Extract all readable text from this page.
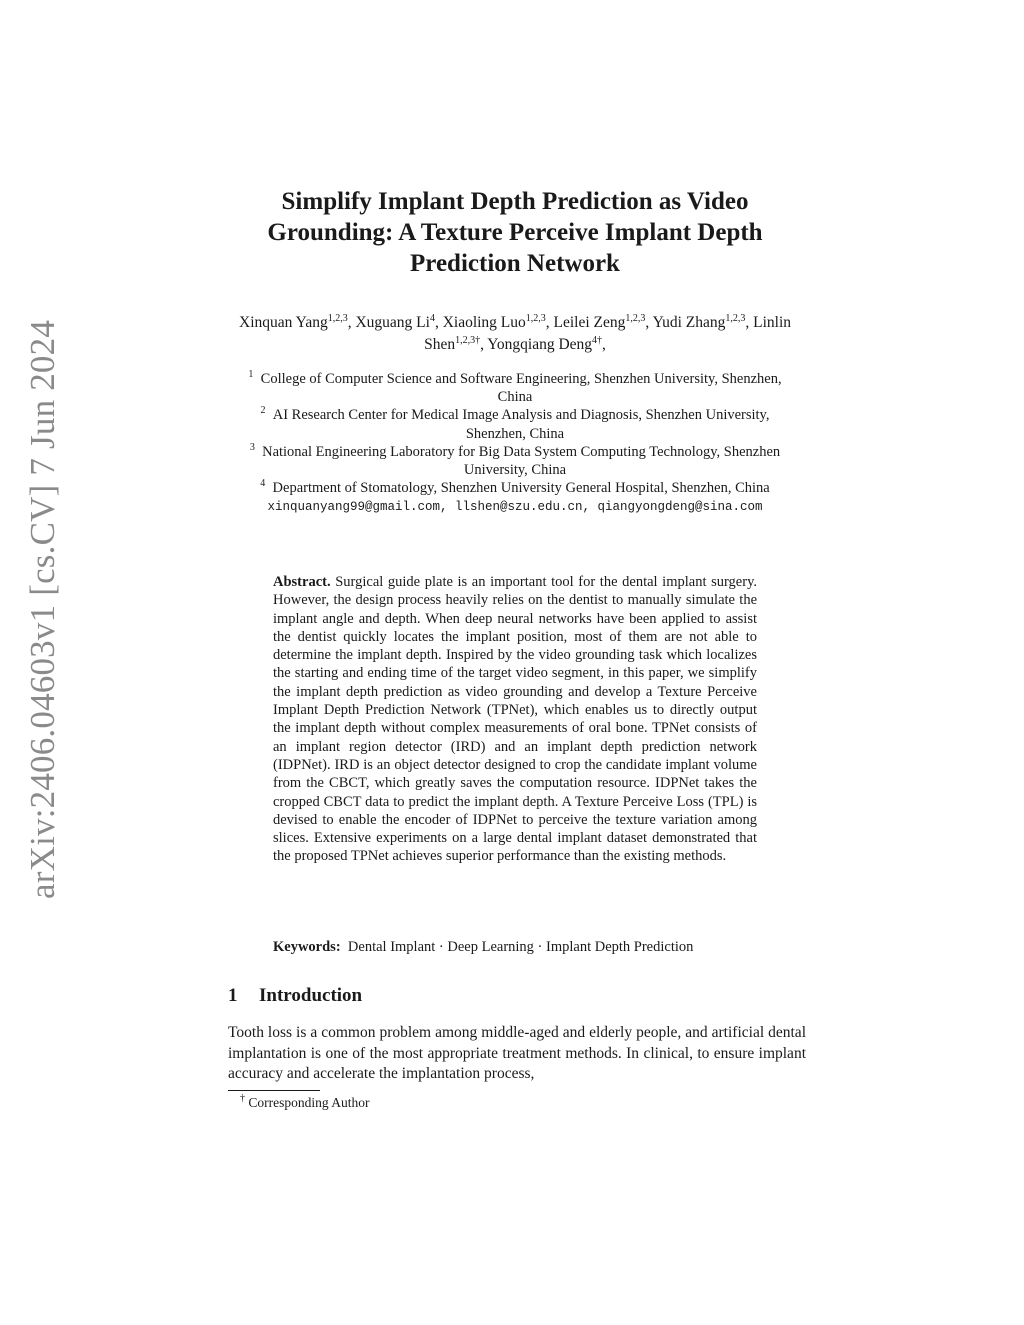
arXiv:2406.04603v1 [cs.CV] 7 Jun 2024
Simplify Implant Depth Prediction as Video Grounding: A Texture Perceive Implant Depth Prediction Network

Xinquan Yang$^{1,2,3}$, Xuguang Li$^4$, Xiaoling Luo$^{1,2,3}$, Leilei Zeng$^{1,2,3}$, Yudi Zhang$^{1,2,3}$, Linlin Shen$^{1,2,3\dagger}$, Yongqiang Deng$^{4\dagger}$,

$^1$ College of Computer Science and Software Engineering, Shenzhen University, Shenzhen, China

$^2$ AI Research Center for Medical Image Analysis and Diagnosis, Shenzhen University, Shenzhen, China

$^3$ National Engineering Laboratory for Big Data System Computing Technology, Shenzhen University, China

$^4$ Department of Stomatology, Shenzhen University General Hospital, Shenzhen, China

xinquanyang99@gmail.com, llshen@szu.edu.cn, qiangyongdeng@sina.com

Abstract. Surgical guide plate is an important tool for the dental implant surgery. However, the design process heavily relies on the dentist to manually simulate the implant angle and depth. When deep neural networks have been applied to assist the dentist quickly locates the implant position, most of them are not able to determine the implant depth. Inspired by the video grounding task which localizes the starting and ending time of the target video segment, in this paper, we simplify the implant depth prediction as video grounding and develop a Texture Perceive Implant Depth Prediction Network (TPNet), which enables us to directly output the implant depth without complex measurements of oral bone. TPNet consists of an implant region detector (IRD) and an implant depth prediction network (IDPNet). IRD is an object detector designed to crop the candidate implant volume from the CBCT, which greatly saves the computation resource. IDPNet takes the cropped CBCT data to predict the implant depth. A Texture Perceive Loss (TPL) is devised to enable the encoder of IDPNet to perceive the texture variation among slices. Extensive experiments on a large dental implant dataset demonstrated that the proposed TPNet achieves superior performance than the existing methods.

Keywords: Dental Implant · Deep Learning · Implant Depth Prediction

1 Introduction

Tooth loss is a common problem among middle-aged and elderly people, and artificial dental implantation is one of the most appropriate treatment methods. In clinical, to ensure implant accuracy and accelerate the implantation process,

† Corresponding Author
